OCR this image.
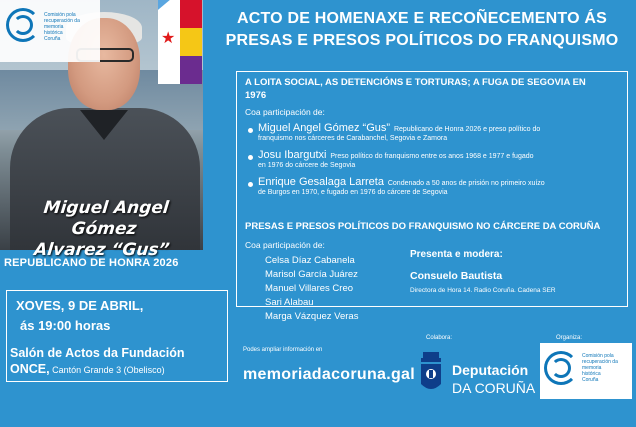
Comisión pola
recuperación da
memoria
histórica
Coruña	★
Miguel Angel Gómez
Alvarez “Gus”
REPUBLICANO DE HONRA 2026
ACTO DE HOMENAXE E RECOÑECEMENTO ÁS
PRESAS E PRESOS POLÍTICOS DO FRANQUISMO
A LOITA SOCIAL, AS DETENCIÓNS E TORTURAS; A FUGA DE SEGOVIA EN
1976
Coa participación de:
Miguel Angel Gómez “Gus” Republicano de Honra 2026 e preso político do
franquismo nos cárceres de Carabanchel, Segovia e Zamora
Josu Ibargutxi Preso político do franquismo entre os anos 1968 e 1977 e fugado
en 1976 do cárcere de Segovia
Enrique Gesalaga Larreta Condenado a 50 anos de prisión no primeiro xuízo
de Burgos en 1970, e fugado en 1976 do cárcere de Segovia
PRESAS E PRESOS POLÍTICOS DO FRANQUISMO NO CÁRCERE DA CORUÑA
Coa participación de:
Celsa Díaz Cabanela
Marisol García Juárez
Manuel Villares Creo
Sari Alabau
Marga Vázquez Veras
Presenta e modera:
Consuelo Bautista
Directora de Hora 14. Radio Coruña. Cadena SER
XOVES, 9 DE ABRIL,
ás 19:00 horas
Salón de Actos da Fundación
ONCE, Cantón Grande 3 (Obelisco)
Podes ampliar información en
memoriadacoruna.gal
Colabora:	Organiza:
Deputación
DA CORUÑA
Comisión pola
recuperación da
memoria
histórica
Coruña
